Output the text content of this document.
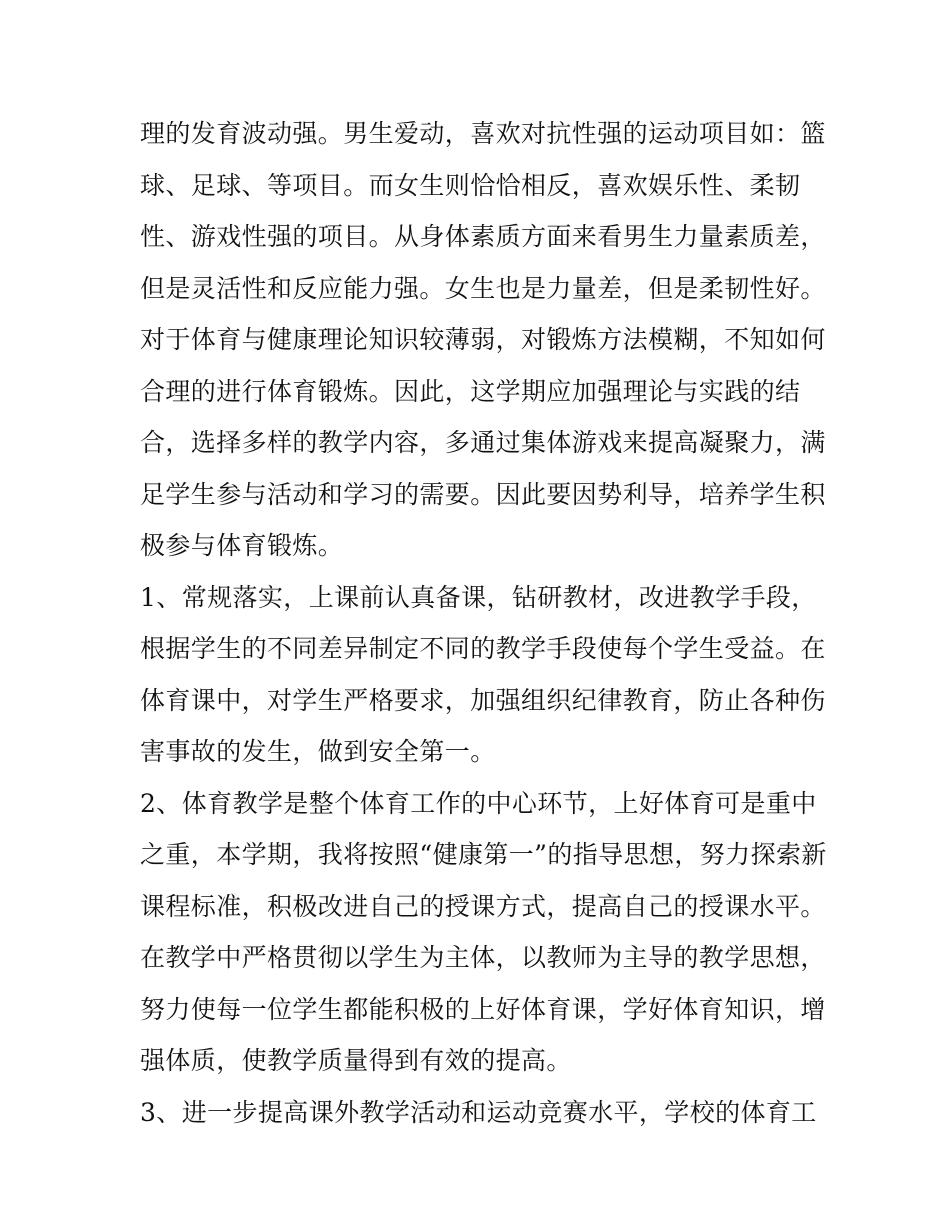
理的发育波动强。男生爱动，喜欢对抗性强的运动项目如：篮
球、足球、等项目。而女生则恰恰相反，喜欢娱乐性、柔韧
性、游戏性强的项目。从身体素质方面来看男生力量素质差，
但是灵活性和反应能力强。女生也是力量差，但是柔韧性好。
对于体育与健康理论知识较薄弱，对锻炼方法模糊，不知如何
合理的进行体育锻炼。因此，这学期应加强理论与实践的结
合，选择多样的教学内容，多通过集体游戏来提高凝聚力，满
足学生参与活动和学习的需要。因此要因势利导，培养学生积
极参与体育锻炼。
1、常规落实，上课前认真备课，钻研教材，改进教学手段，
根据学生的不同差异制定不同的教学手段使每个学生受益。在
体育课中，对学生严格要求，加强组织纪律教育，防止各种伤
害事故的发生，做到安全第一。
2、体育教学是整个体育工作的中心环节，上好体育可是重中
之重，本学期，我将按照“健康第一”的指导思想，努力探索新
课程标准，积极改进自己的授课方式，提高自己的授课水平。
在教学中严格贯彻以学生为主体，以教师为主导的教学思想，
努力使每一位学生都能积极的上好体育课，学好体育知识，增
强体质，使教学质量得到有效的提高。
3、进一步提高课外教学活动和运动竞赛水平，学校的体育工
